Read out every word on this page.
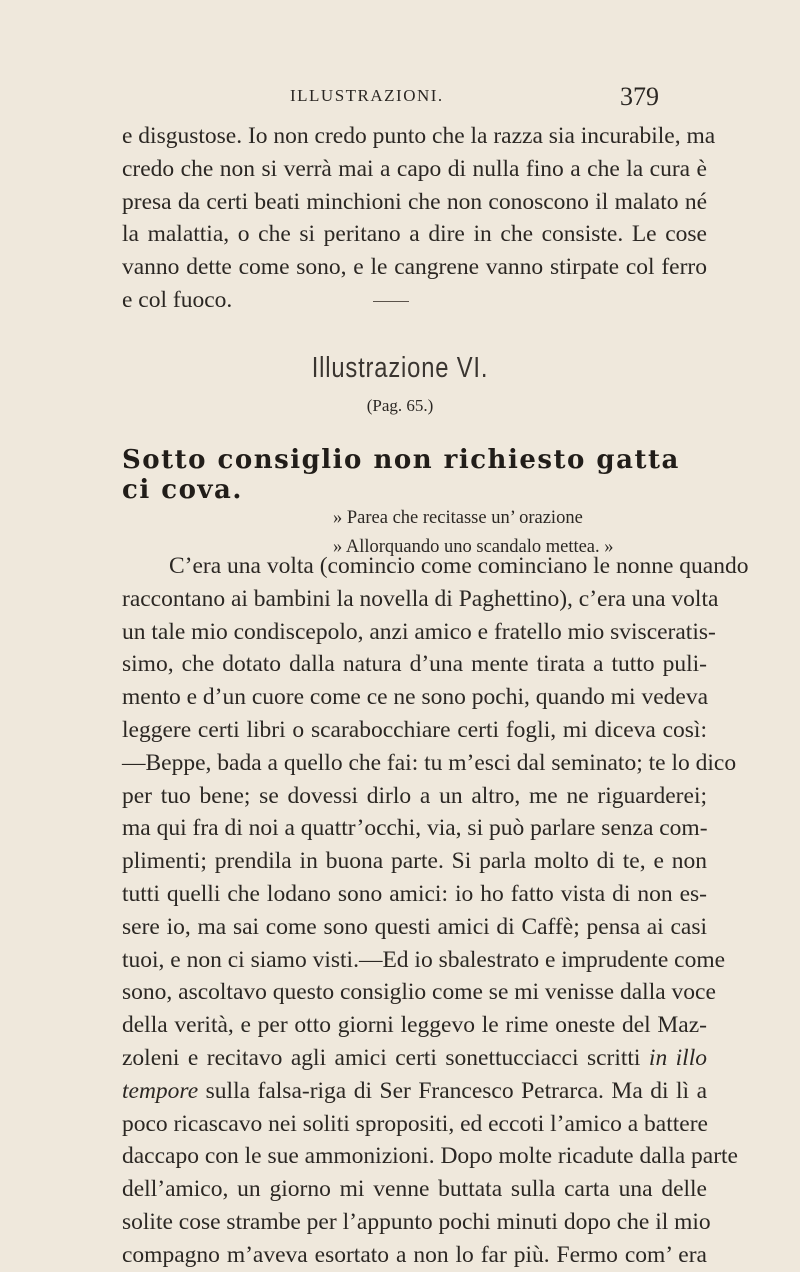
ILLUSTRAZIONI.	379
e disgustose. Io non credo punto che la razza sia incurabile, ma
credo che non si verrà mai a capo di nulla fino a che la cura è
presa da certi beati minchioni che non conoscono il malato né
la malattia, o che si peritano a dire in che consiste. Le cose
vanno dette come sono, e le cangrene vanno stirpate col ferro
e col fuoco.
Illustrazione VI.
(Pag. 65.)
Sotto consiglio non richiesto gatta ci cova.
» Parea che recitasse un’ orazione
» Allorquando uno scandalo mettea. »
C’era una volta (comincio come cominciano le nonne quando
raccontano ai bambini la novella di Paghettino), c’era una volta
un tale mio condiscepolo, anzi amico e fratello mio svisceratis-
simo, che dotato dalla natura d’una mente tirata a tutto puli-
mento e d’un cuore come ce ne sono pochi, quando mi vedeva
leggere certi libri o scarabocchiare certi fogli, mi diceva così:
—Beppe, bada a quello che fai: tu m’esci dal seminato; te lo dico
per tuo bene; se dovessi dirlo a un altro, me ne riguarderei;
ma qui fra di noi a quattr’occhi, via, si può parlare senza com-
plimenti; prendila in buona parte. Si parla molto di te, e non
tutti quelli che lodano sono amici: io ho fatto vista di non es-
sere io, ma sai come sono questi amici di Caffè; pensa ai casi
tuoi, e non ci siamo visti.—Ed io sbalestrato e imprudente come
sono, ascoltavo questo consiglio come se mi venisse dalla voce
della verità, e per otto giorni leggevo le rime oneste del Maz-
zoleni e recitavo agli amici certi sonettucciacci scritti in illo
tempore sulla falsa-riga di Ser Francesco Petrarca. Ma di lì a
poco ricascavo nei soliti spropositi, ed eccoti l’amico a battere
daccapo con le sue ammonizioni. Dopo molte ricadute dalla parte
dell’amico, un giorno mi venne buttata sulla carta una delle
solite cose strambe per l’appunto pochi minuti dopo che il mio
compagno m’aveva esortato a non lo far più. Fermo com’ era
